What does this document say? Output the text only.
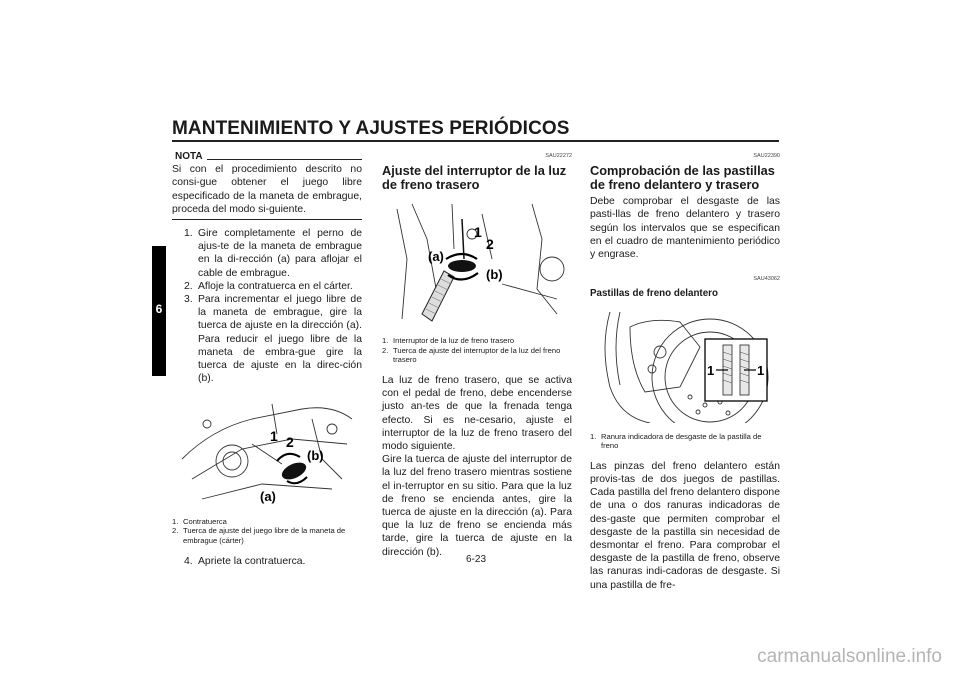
MANTENIMIENTO Y AJUSTES PERIÓDICOS
6
NOTA

Si con el procedimiento descrito no consi-gue obtener el juego libre especificado de la maneta de embrague, proceda del modo si-guiente.

1. Gire completamente el perno de ajus-te de la maneta de embrague en la di-rección (a) para aflojar el cable de embrague.
2. Afloje la contratuerca en el cárter.
3. Para incrementar el juego libre de la maneta de embrague, gire la tuerca de ajuste en la dirección (a). Para reducir el juego libre de la maneta de embra-gue gire la tuerca de ajuste en la direc-ción (b).
1 2
(b)
(a)
1. Contratuerca
2. Tuerca de ajuste del juego libre de la maneta de embrague (cárter)
4. Apriete la contratuerca.
SAU22272
Ajuste del interruptor de la luz de freno trasero
1
2
(a)
(b)
1. Interruptor de la luz de freno trasero
2. Tuerca de ajuste del interruptor de la luz del freno trasero

La luz de freno trasero, que se activa con el pedal de freno, debe encenderse justo an-tes de que la frenada tenga efecto. Si es ne-cesario, ajuste el interruptor de la luz de freno trasero del modo siguiente.

Gire la tuerca de ajuste del interruptor de la luz del freno trasero mientras sostiene el in-terruptor en su sitio. Para que la luz de freno se encienda antes, gire la tuerca de ajuste en la dirección (a). Para que la luz de freno se encienda más tarde, gire la tuerca de ajuste en la dirección (b).

SAU22390
Comprobación de las pastillas de freno delantero y trasero

Debe comprobar el desgaste de las pasti-llas de freno delantero y trasero según los intervalos que se especifican en el cuadro de mantenimiento periódico y engrase.

SAU43062
Pastillas de freno delantero
1	1
1. Ranura indicadora de desgaste de la pastilla de freno

Las pinzas del freno delantero están provis-tas de dos juegos de pastillas. Cada pastilla del freno delantero dispone de una o dos ranuras indicadoras de des-gaste que permiten comprobar el desgaste de la pastilla sin necesidad de desmontar el freno. Para comprobar el desgaste de la pastilla de freno, observe las ranuras indi-cadoras de desgaste. Si una pastilla de fre-

6-23
carmanualsonline.info
